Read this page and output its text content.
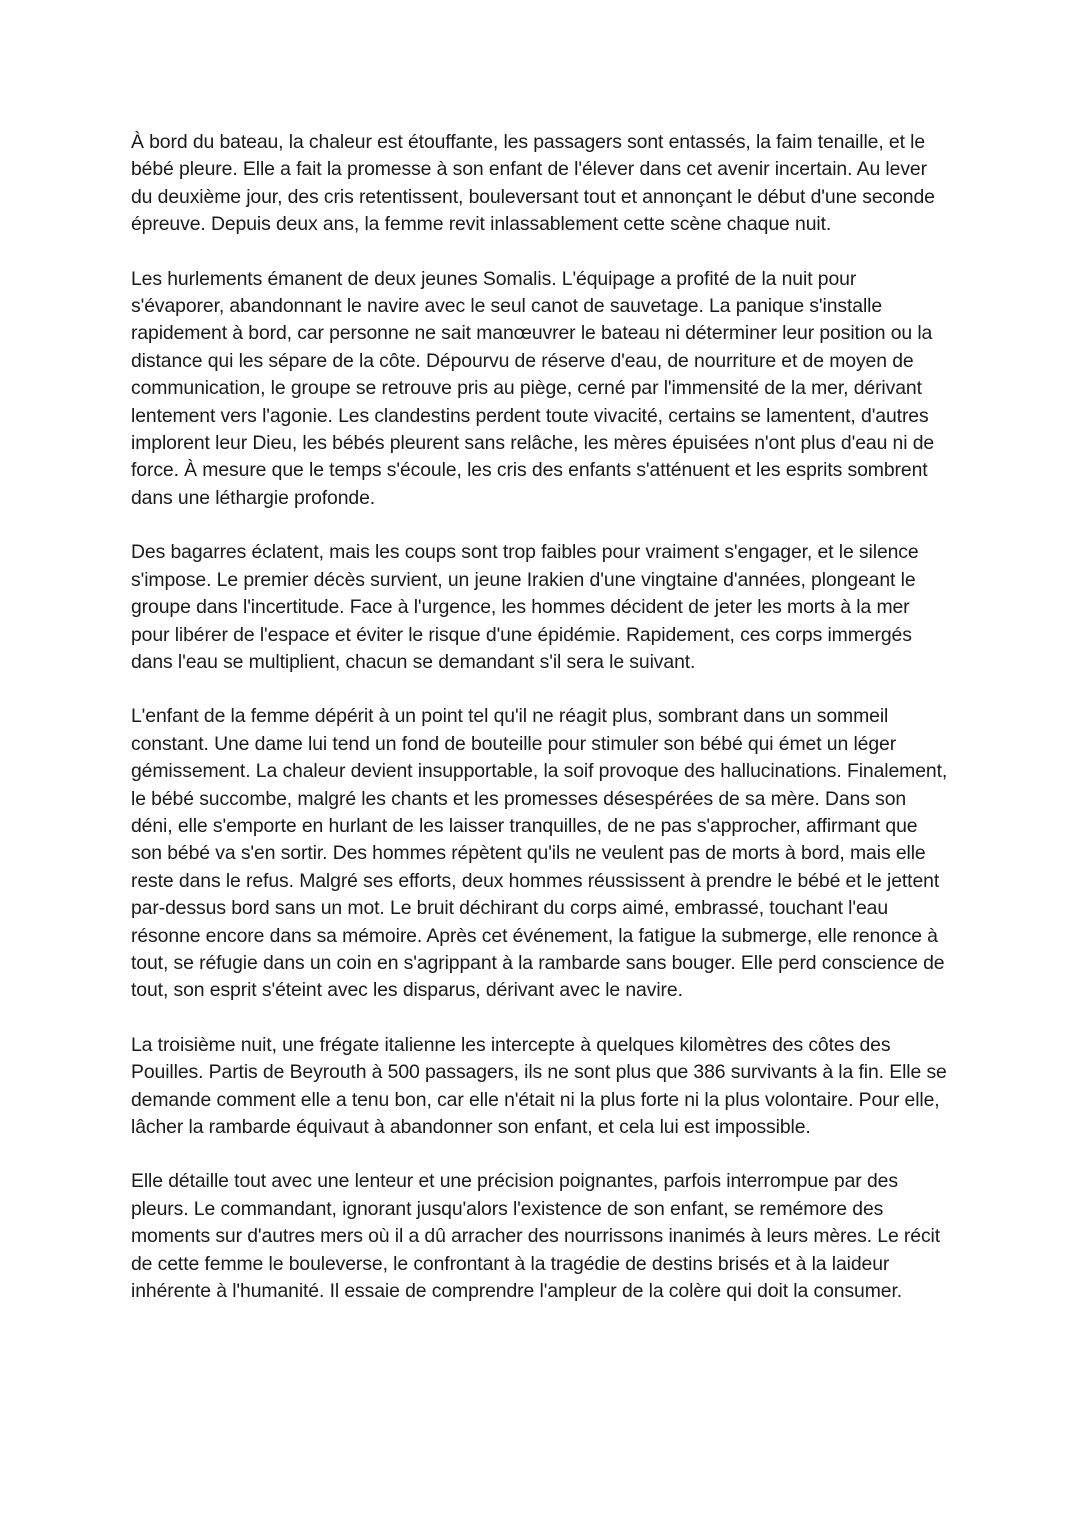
À bord du bateau, la chaleur est étouffante, les passagers sont entassés, la faim tenaille, et le bébé pleure. Elle a fait la promesse à son enfant de l'élever dans cet avenir incertain. Au lever du deuxième jour, des cris retentissent, bouleversant tout et annonçant le début d'une seconde épreuve. Depuis deux ans, la femme revit inlassablement cette scène chaque nuit.

Les hurlements émanent de deux jeunes Somalis. L'équipage a profité de la nuit pour s'évaporer, abandonnant le navire avec le seul canot de sauvetage. La panique s'installe rapidement à bord, car personne ne sait manœuvrer le bateau ni déterminer leur position ou la distance qui les sépare de la côte. Dépourvu de réserve d'eau, de nourriture et de moyen de communication, le groupe se retrouve pris au piège, cerné par l'immensité de la mer, dérivant lentement vers l'agonie. Les clandestins perdent toute vivacité, certains se lamentent, d'autres implorent leur Dieu, les bébés pleurent sans relâche, les mères épuisées n'ont plus d'eau ni de force. À mesure que le temps s'écoule, les cris des enfants s'atténuent et les esprits sombrent dans une léthargie profonde.

Des bagarres éclatent, mais les coups sont trop faibles pour vraiment s'engager, et le silence s'impose. Le premier décès survient, un jeune Irakien d'une vingtaine d'années, plongeant le groupe dans l'incertitude. Face à l'urgence, les hommes décident de jeter les morts à la mer pour libérer de l'espace et éviter le risque d'une épidémie. Rapidement, ces corps immergés dans l'eau se multiplient, chacun se demandant s'il sera le suivant.

L'enfant de la femme dépérit à un point tel qu'il ne réagit plus, sombrant dans un sommeil constant. Une dame lui tend un fond de bouteille pour stimuler son bébé qui émet un léger gémissement. La chaleur devient insupportable, la soif provoque des hallucinations. Finalement, le bébé succombe, malgré les chants et les promesses désespérées de sa mère. Dans son déni, elle s'emporte en hurlant de les laisser tranquilles, de ne pas s'approcher, affirmant que son bébé va s'en sortir. Des hommes répètent qu'ils ne veulent pas de morts à bord, mais elle reste dans le refus. Malgré ses efforts, deux hommes réussissent à prendre le bébé et le jettent par-dessus bord sans un mot. Le bruit déchirant du corps aimé, embrassé, touchant l'eau résonne encore dans sa mémoire. Après cet événement, la fatigue la submerge, elle renonce à tout, se réfugie dans un coin en s'agrippant à la rambarde sans bouger. Elle perd conscience de tout, son esprit s'éteint avec les disparus, dérivant avec le navire.

La troisième nuit, une frégate italienne les intercepte à quelques kilomètres des côtes des Pouilles. Partis de Beyrouth à 500 passagers, ils ne sont plus que 386 survivants à la fin. Elle se demande comment elle a tenu bon, car elle n'était ni la plus forte ni la plus volontaire. Pour elle, lâcher la rambarde équivaut à abandonner son enfant, et cela lui est impossible.

Elle détaille tout avec une lenteur et une précision poignantes, parfois interrompue par des pleurs. Le commandant, ignorant jusqu'alors l'existence de son enfant, se remémore des moments sur d'autres mers où il a dû arracher des nourrissons inanimés à leurs mères. Le récit de cette femme le bouleverse, le confrontant à la tragédie de destins brisés et à la laideur inhérente à l'humanité. Il essaie de comprendre l'ampleur de la colère qui doit la consumer.
